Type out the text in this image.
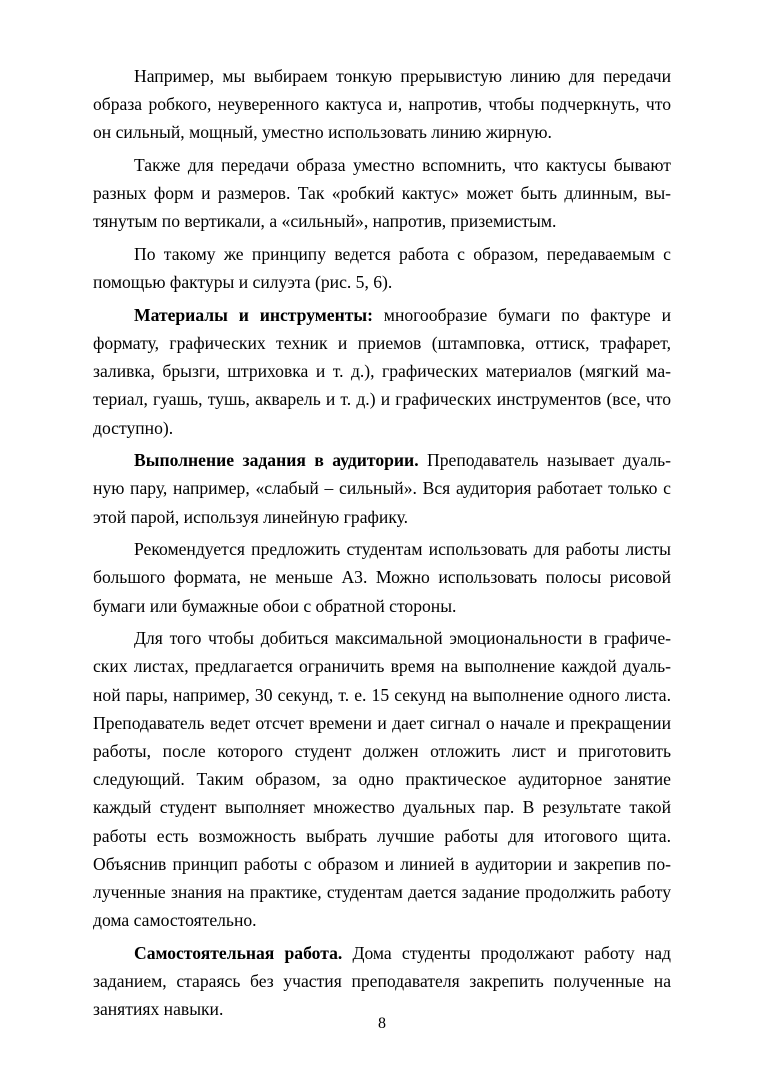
Например, мы выбираем тонкую прерывистую линию для передачи образа робкого, неуверенного кактуса и, напротив, чтобы подчеркнуть, что он сильный, мощный, уместно использовать линию жирную.

Также для передачи образа уместно вспомнить, что кактусы бывают разных форм и размеров. Так «робкий кактус» может быть длинным, вытянутым по вертикали, а «сильный», напротив, приземистым.

По такому же принципу ведется работа с образом, передаваемым с помощью фактуры и силуэта (рис. 5, 6).

Материалы и инструменты: многообразие бумаги по фактуре и формату, графических техник и приемов (штамповка, оттиск, трафарет, заливка, брызги, штриховка и т. д.), графических материалов (мягкий материал, гуашь, тушь, акварель и т. д.) и графических инструментов (все, что доступно).

Выполнение задания в аудитории. Преподаватель называет дуальную пару, например, «слабый – сильный». Вся аудитория работает только с этой парой, используя линейную графику.

Рекомендуется предложить студентам использовать для работы листы большого формата, не меньше А3. Можно использовать полосы рисовой бумаги или бумажные обои с обратной стороны.

Для того чтобы добиться максимальной эмоциональности в графических листах, предлагается ограничить время на выполнение каждой дуальной пары, например, 30 секунд, т. е. 15 секунд на выполнение одного листа. Преподаватель ведет отсчет времени и дает сигнал о начале и прекращении работы, после которого студент должен отложить лист и приготовить следующий. Таким образом, за одно практическое аудиторное занятие каждый студент выполняет множество дуальных пар. В результате такой работы есть возможность выбрать лучшие работы для итогового щита. Объяснив принцип работы с образом и линией в аудитории и закрепив полученные знания на практике, студентам дается задание продолжить работу дома самостоятельно.

Самостоятельная работа. Дома студенты продолжают работу над заданием, стараясь без участия преподавателя закрепить полученные на занятиях навыки.

8
